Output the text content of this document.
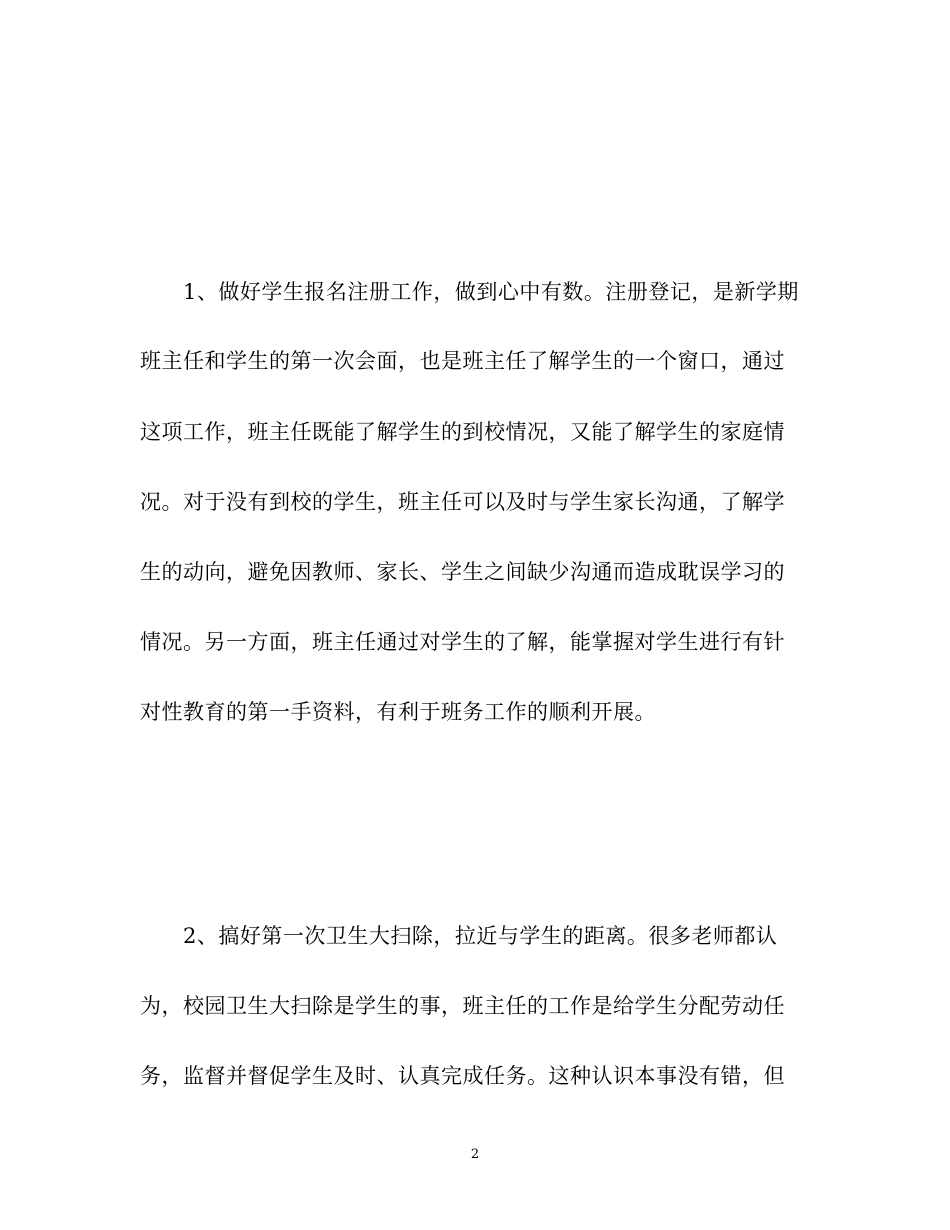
　　1、做好学生报名注册工作，做到心中有数。注册登记，是新学期
班主任和学生的第一次会面，也是班主任了解学生的一个窗口，通过
这项工作，班主任既能了解学生的到校情况，又能了解学生的家庭情
况。对于没有到校的学生，班主任可以及时与学生家长沟通，了解学
生的动向，避免因教师、家长、学生之间缺少沟通而造成耽误学习的
情况。另一方面，班主任通过对学生的了解，能掌握对学生进行有针
对性教育的第一手资料，有利于班务工作的顺利开展。
　　2、搞好第一次卫生大扫除，拉近与学生的距离。很多老师都认
为，校园卫生大扫除是学生的事，班主任的工作是给学生分配劳动任
务，监督并督促学生及时、认真完成任务。这种认识本事没有错，但
2
